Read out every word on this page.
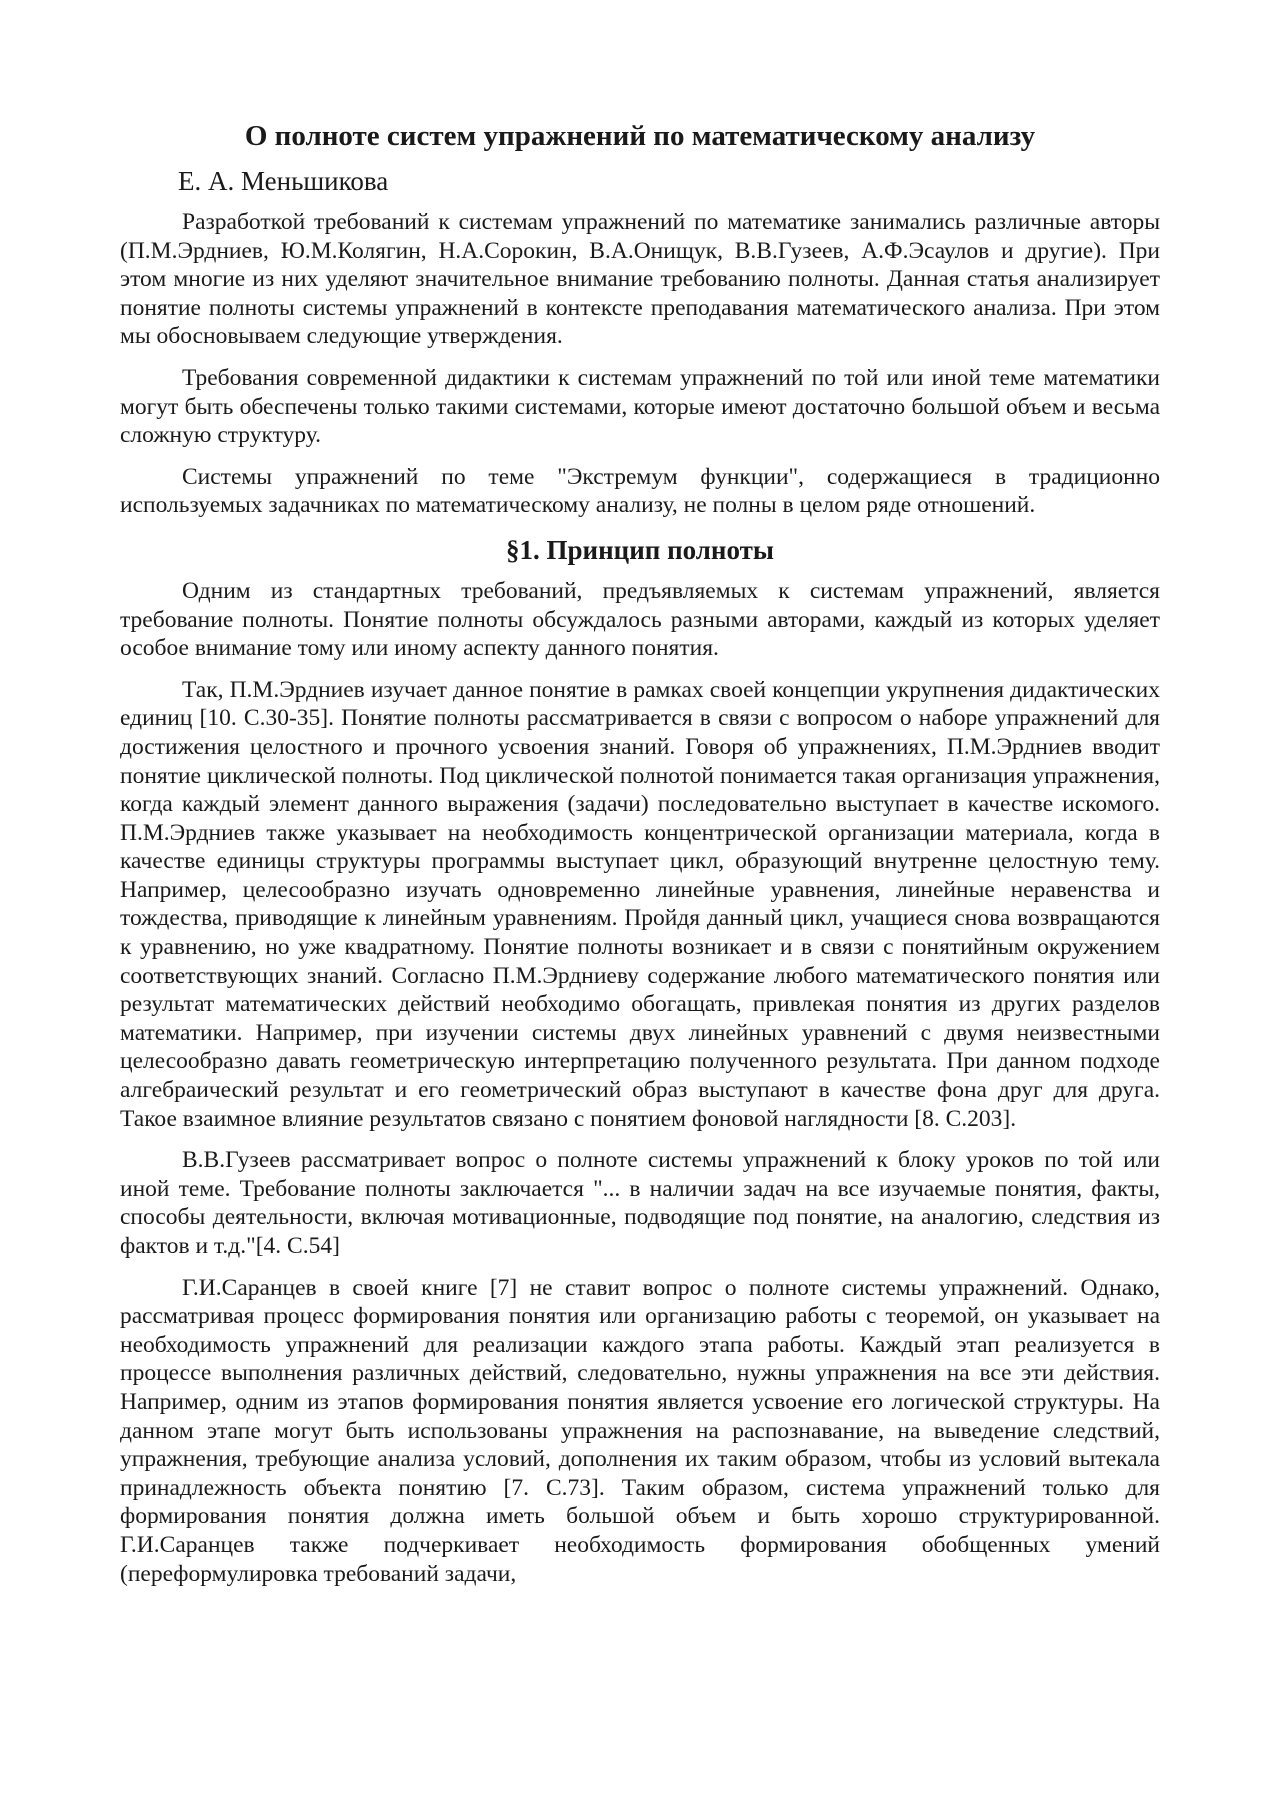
О полноте систем упражнений по математическому анализу
Е. А. Меньшикова

Разработкой требований к системам упражнений по математике занимались различные авторы (П.М.Эрдниев, Ю.М.Колягин, Н.А.Сорокин, В.А.Онищук, В.В.Гузеев, А.Ф.Эсаулов и другие). При этом многие из них уделяют значительное внимание требованию полноты. Данная статья анализирует понятие полноты системы упражнений в контексте преподавания математического анализа. При этом мы обосновываем следующие утверждения.

Требования современной дидактики к системам упражнений по той или иной теме математики могут быть обеспечены только такими системами, которые имеют достаточно большой объем и весьма сложную структуру.

Системы упражнений по теме "Экстремум функции", содержащиеся в традиционно используемых задачниках по математическому анализу, не полны в целом ряде отношений.

§1. Принцип полноты

Одним из стандартных требований, предъявляемых к системам упражнений, является требование полноты. Понятие полноты обсуждалось разными авторами, каждый из которых уделяет особое внимание тому или иному аспекту данного понятия.

Так, П.М.Эрдниев изучает данное понятие в рамках своей концепции укрупнения дидактических единиц [10. С.30-35]. Понятие полноты рассматривается в связи с вопросом о наборе упражнений для достижения целостного и прочного усвоения знаний. Говоря об упражнениях, П.М.Эрдниев вводит понятие циклической полноты. Под циклической полнотой понимается такая организация упражнения, когда каждый элемент данного выражения (задачи) последовательно выступает в качестве искомого. П.М.Эрдниев также указывает на необходимость концентрической организации материала, когда в качестве единицы структуры программы выступает цикл, образующий внутренне целостную тему. Например, целесообразно изучать одновременно линейные уравнения, линейные неравенства и тождества, приводящие к линейным уравнениям. Пройдя данный цикл, учащиеся снова возвращаются к уравнению, но уже квадратному. Понятие полноты возникает и в связи с понятийным окружением соответствующих знаний. Согласно П.М.Эрдниеву содержание любого математического понятия или результат математических действий необходимо обогащать, привлекая понятия из других разделов математики. Например, при изучении системы двух линейных уравнений с двумя неизвестными целесообразно давать геометрическую интерпретацию полученного результата. При данном подходе алгебраический результат и его геометрический образ выступают в качестве фона друг для друга. Такое взаимное влияние результатов связано с понятием фоновой наглядности [8. С.203].

В.В.Гузеев рассматривает вопрос о полноте системы упражнений к блоку уроков по той или иной теме. Требование полноты заключается "... в наличии задач на все изучаемые понятия, факты, способы деятельности, включая мотивационные, подводящие под понятие, на аналогию, следствия из фактов и т.д."[4. С.54]

Г.И.Саранцев в своей книге [7] не ставит вопрос о полноте системы упражнений. Однако, рассматривая процесс формирования понятия или организацию работы с теоремой, он указывает на необходимость упражнений для реализации каждого этапа работы. Каждый этап реализуется в процессе выполнения различных действий, следовательно, нужны упражнения на все эти действия. Например, одним из этапов формирования понятия является усвоение его логической структуры. На данном этапе могут быть использованы упражнения на распознавание, на выведение следствий, упражнения, требующие анализа условий, дополнения их таким образом, чтобы из условий вытекала принадлежность объекта понятию [7. С.73]. Таким образом, система упражнений только для формирования понятия должна иметь большой объем и быть хорошо структурированной. Г.И.Саранцев также подчеркивает необходимость формирования обобщенных умений (переформулировка требований задачи,
